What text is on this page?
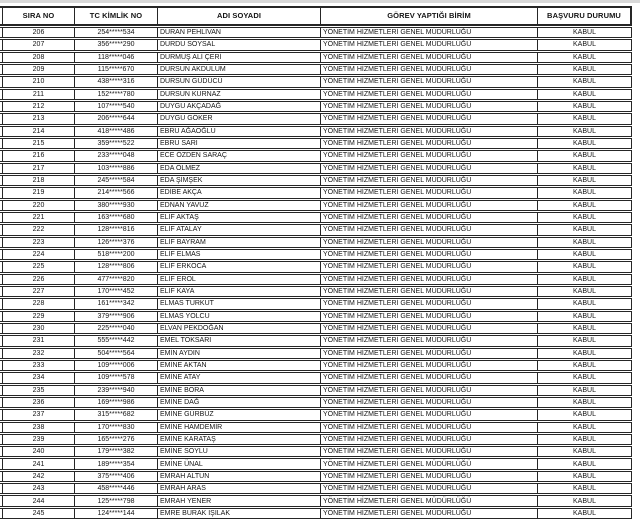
SIRA NO	TC KİMLİK NO	ADI SOYADI	GÖREV YAPTIĞI BİRİM	BAŞVURU DURUMU
206	254*****534	DURAN PEHLİVAN	YÖNETİM HİZMETLERİ GENEL MÜDÜRLÜĞÜ	KABUL
207	356*****290	DURDU SOYSAL	YÖNETİM HİZMETLERİ GENEL MÜDÜRLÜĞÜ	KABUL
208	118*****046	DURMUŞ ALİ ÇERİ	YÖNETİM HİZMETLERİ GENEL MÜDÜRLÜĞÜ	KABUL
209	115*****670	DURSUN AKDULUM	YÖNETİM HİZMETLERİ GENEL MÜDÜRLÜĞÜ	KABUL
210	438*****316	DURSUN GÜDÜCÜ	YÖNETİM HİZMETLERİ GENEL MÜDÜRLÜĞÜ	KABUL
211	152*****780	DURSUN KURNAZ	YÖNETİM HİZMETLERİ GENEL MÜDÜRLÜĞÜ	KABUL
212	107*****540	DUYGU AKÇADAĞ	YÖNETİM HİZMETLERİ GENEL MÜDÜRLÜĞÜ	KABUL
213	206*****644	DUYGU GÖKER	YÖNETİM HİZMETLERİ GENEL MÜDÜRLÜĞÜ	KABUL
214	418*****486	EBRU AĞAOĞLU	YÖNETİM HİZMETLERİ GENEL MÜDÜRLÜĞÜ	KABUL
215	359*****522	EBRU SARI	YÖNETİM HİZMETLERİ GENEL MÜDÜRLÜĞÜ	KABUL
216	233*****048	ECE ÖZDEN SARAÇ	YÖNETİM HİZMETLERİ GENEL MÜDÜRLÜĞÜ	KABUL
217	103*****886	EDA ÖLMEZ	YÖNETİM HİZMETLERİ GENEL MÜDÜRLÜĞÜ	KABUL
218	245*****584	EDA ŞİMŞEK	YÖNETİM HİZMETLERİ GENEL MÜDÜRLÜĞÜ	KABUL
219	214*****566	EDİBE AKÇA	YÖNETİM HİZMETLERİ GENEL MÜDÜRLÜĞÜ	KABUL
220	380*****930	EDNAN YAVUZ	YÖNETİM HİZMETLERİ GENEL MÜDÜRLÜĞÜ	KABUL
221	163*****680	ELİF AKTAŞ	YÖNETİM HİZMETLERİ GENEL MÜDÜRLÜĞÜ	KABUL
222	128*****816	ELİF ATALAY	YÖNETİM HİZMETLERİ GENEL MÜDÜRLÜĞÜ	KABUL
223	126*****376	ELİF BAYRAM	YÖNETİM HİZMETLERİ GENEL MÜDÜRLÜĞÜ	KABUL
224	518*****200	ELİF ELMAS	YÖNETİM HİZMETLERİ GENEL MÜDÜRLÜĞÜ	KABUL
225	128*****806	ELİF ERKOCA	YÖNETİM HİZMETLERİ GENEL MÜDÜRLÜĞÜ	KABUL
226	477*****820	ELİF EROL	YÖNETİM HİZMETLERİ GENEL MÜDÜRLÜĞÜ	KABUL
227	170*****452	ELİF KAYA	YÖNETİM HİZMETLERİ GENEL MÜDÜRLÜĞÜ	KABUL
228	161*****342	ELMAS TURKUT	YÖNETİM HİZMETLERİ GENEL MÜDÜRLÜĞÜ	KABUL
229	379*****906	ELMAS YOLCU	YÖNETİM HİZMETLERİ GENEL MÜDÜRLÜĞÜ	KABUL
230	225*****040	ELVAN PEKDOĞAN	YÖNETİM HİZMETLERİ GENEL MÜDÜRLÜĞÜ	KABUL
231	555*****442	EMEL TOKSARI	YÖNETİM HİZMETLERİ GENEL MÜDÜRLÜĞÜ	KABUL
232	504*****564	EMİN AYDIN	YÖNETİM HİZMETLERİ GENEL MÜDÜRLÜĞÜ	KABUL
233	109*****006	EMİNE AKTAN	YÖNETİM HİZMETLERİ GENEL MÜDÜRLÜĞÜ	KABUL
234	109*****578	EMİNE ATAY	YÖNETİM HİZMETLERİ GENEL MÜDÜRLÜĞÜ	KABUL
235	239*****940	EMİNE BORA	YÖNETİM HİZMETLERİ GENEL MÜDÜRLÜĞÜ	KABUL
236	169*****986	EMİNE DAĞ	YÖNETİM HİZMETLERİ GENEL MÜDÜRLÜĞÜ	KABUL
237	315*****682	EMİNE GÜRBÜZ	YÖNETİM HİZMETLERİ GENEL MÜDÜRLÜĞÜ	KABUL
238	170*****830	EMİNE HAMDEMİR	YÖNETİM HİZMETLERİ GENEL MÜDÜRLÜĞÜ	KABUL
239	165*****276	EMİNE KARATAŞ	YÖNETİM HİZMETLERİ GENEL MÜDÜRLÜĞÜ	KABUL
240	179*****382	EMİNE SOYLU	YÖNETİM HİZMETLERİ GENEL MÜDÜRLÜĞÜ	KABUL
241	189*****354	EMİNE ÜNAL	YÖNETİM HİZMETLERİ GENEL MÜDÜRLÜĞÜ	KABUL
242	375*****406	EMRAH ALTUN	YÖNETİM HİZMETLERİ GENEL MÜDÜRLÜĞÜ	KABUL
243	458*****446	EMRAH ARAS	YÖNETİM HİZMETLERİ GENEL MÜDÜRLÜĞÜ	KABUL
244	125*****798	EMRAH YENER	YÖNETİM HİZMETLERİ GENEL MÜDÜRLÜĞÜ	KABUL
245	124*****144	EMRE BURAK IŞILAK	YÖNETİM HİZMETLERİ GENEL MÜDÜRLÜĞÜ	KABUL
